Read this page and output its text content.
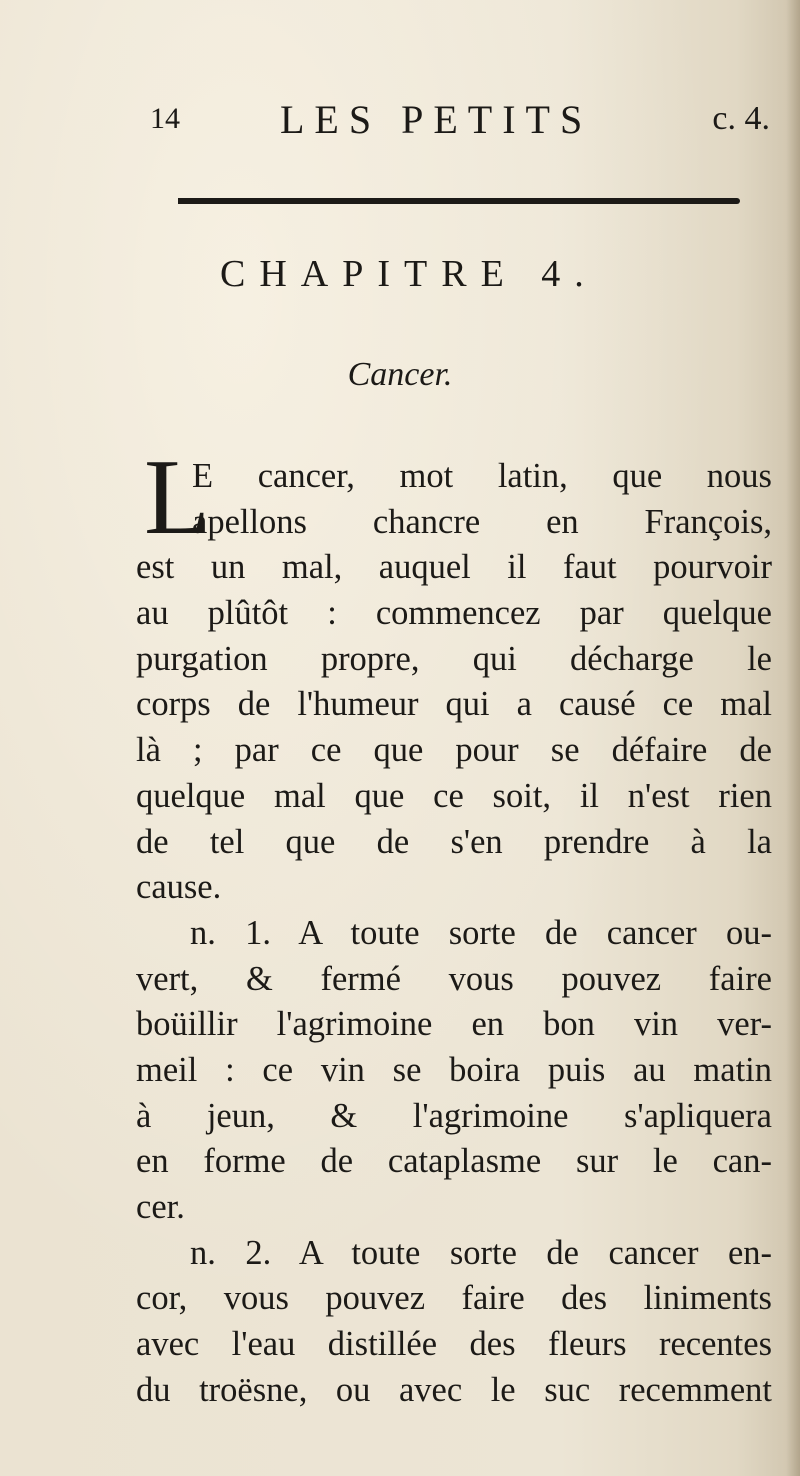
14	LES PETITS	c. 4.
CHAPITRE 4.
Cancer.
L
E cancer, mot latin, que nous
apellons chancre en François,
est un mal, auquel il faut pourvoir
au plûtôt : commencez par quelque
purgation propre, qui décharge le
corps de l'humeur qui a causé ce mal
là ; par ce que pour se défaire de
quelque mal que ce soit, il n'est rien
de tel que de s'en prendre à la
cause.
n. 1. A toute sorte de cancer ou-
vert, & fermé vous pouvez faire
boüillir l'agrimoine en bon vin ver-
meil : ce vin se boira puis au matin
à jeun, & l'agrimoine s'apliquera
en forme de cataplasme sur le can-
cer.
n. 2. A toute sorte de cancer en-
cor, vous pouvez faire des liniments
avec l'eau distillée des fleurs recentes
du troësne, ou avec le suc recemment
